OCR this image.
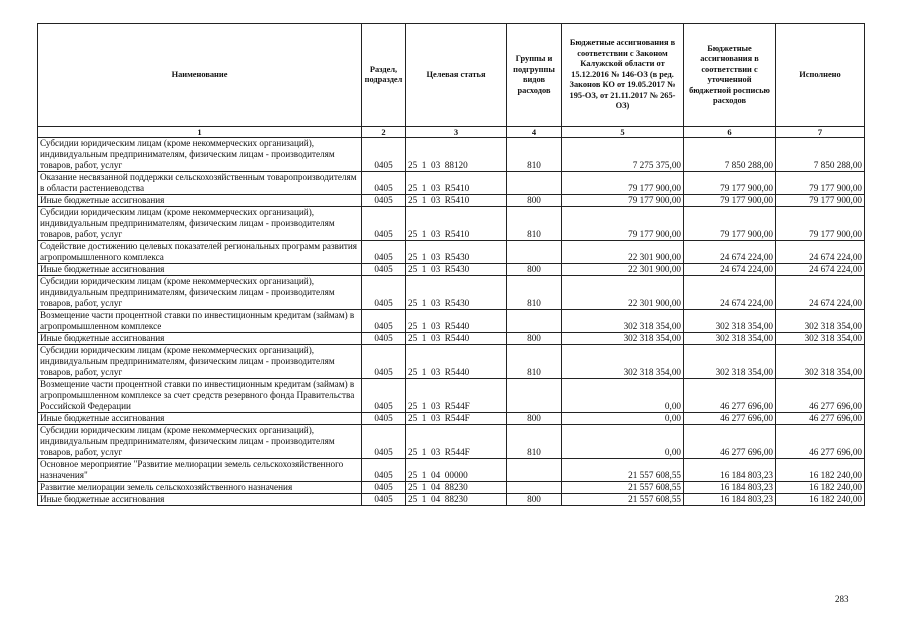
Наименование	Раздел, подраздел	Целевая статья	Группы и подгруппы видов расходов	Бюджетные ассигнования в соответствии с Законом Калужской области от 15.12.2016 № 146-ОЗ (в ред. Законов КО от 19.05.2017 № 195-ОЗ, от 21.11.2017 № 265-ОЗ)	Бюджетные ассигнования в соответствии с уточненной бюджетной росписью расходов	Исполнено
1	2	3	4	5	6	7
Субсидии юридическим лицам (кроме некоммерческих организаций), индивидуальным предпринимателям, физическим лицам - производителям товаров, работ, услуг	0405	25  1  03  88120	810	7 275 375,00	7 850 288,00	7 850 288,00
Оказание несвязанной поддержки сельскохозяйственным товаропроизводителям в области растениеводства	0405	25  1  03  R5410		79 177 900,00	79 177 900,00	79 177 900,00
Иные бюджетные ассигнования	0405	25  1  03  R5410	800	79 177 900,00	79 177 900,00	79 177 900,00
Субсидии юридическим лицам (кроме некоммерческих организаций), индивидуальным предпринимателям, физическим лицам - производителям товаров, работ, услуг	0405	25  1  03  R5410	810	79 177 900,00	79 177 900,00	79 177 900,00
Содействие достижению целевых показателей региональных программ развития агропромышленного комплекса	0405	25  1  03  R5430		22 301 900,00	24 674 224,00	24 674 224,00
Иные бюджетные ассигнования	0405	25  1  03  R5430	800	22 301 900,00	24 674 224,00	24 674 224,00
Субсидии юридическим лицам (кроме некоммерческих организаций), индивидуальным предпринимателям, физическим лицам - производителям товаров, работ, услуг	0405	25  1  03  R5430	810	22 301 900,00	24 674 224,00	24 674 224,00
Возмещение части процентной ставки по инвестиционным кредитам (займам) в агропромышленном комплексе	0405	25  1  03  R5440		302 318 354,00	302 318 354,00	302 318 354,00
Иные бюджетные ассигнования	0405	25  1  03  R5440	800	302 318 354,00	302 318 354,00	302 318 354,00
Субсидии юридическим лицам (кроме некоммерческих организаций), индивидуальным предпринимателям, физическим лицам - производителям товаров, работ, услуг	0405	25  1  03  R5440	810	302 318 354,00	302 318 354,00	302 318 354,00
Возмещение части процентной ставки по инвестиционным кредитам (займам) в агропромышленном комплексе за счет средств резервного фонда Правительства Российской Федерации	0405	25  1  03  R544F		0,00	46 277 696,00	46 277 696,00
Иные бюджетные ассигнования	0405	25  1  03  R544F	800	0,00	46 277 696,00	46 277 696,00
Субсидии юридическим лицам (кроме некоммерческих организаций), индивидуальным предпринимателям, физическим лицам - производителям товаров, работ, услуг	0405	25  1  03  R544F	810	0,00	46 277 696,00	46 277 696,00
Основное мероприятие "Развитие мелиорации земель сельскохозяйственного назначения"	0405	25  1  04  00000		21 557 608,55	16 184 803,23	16 182 240,00
Развитие мелиорации земель сельскохозяйственного назначения	0405	25  1  04  88230		21 557 608,55	16 184 803,23	16 182 240,00
Иные бюджетные ассигнования	0405	25  1  04  88230	800	21 557 608,55	16 184 803,23	16 182 240,00
283
